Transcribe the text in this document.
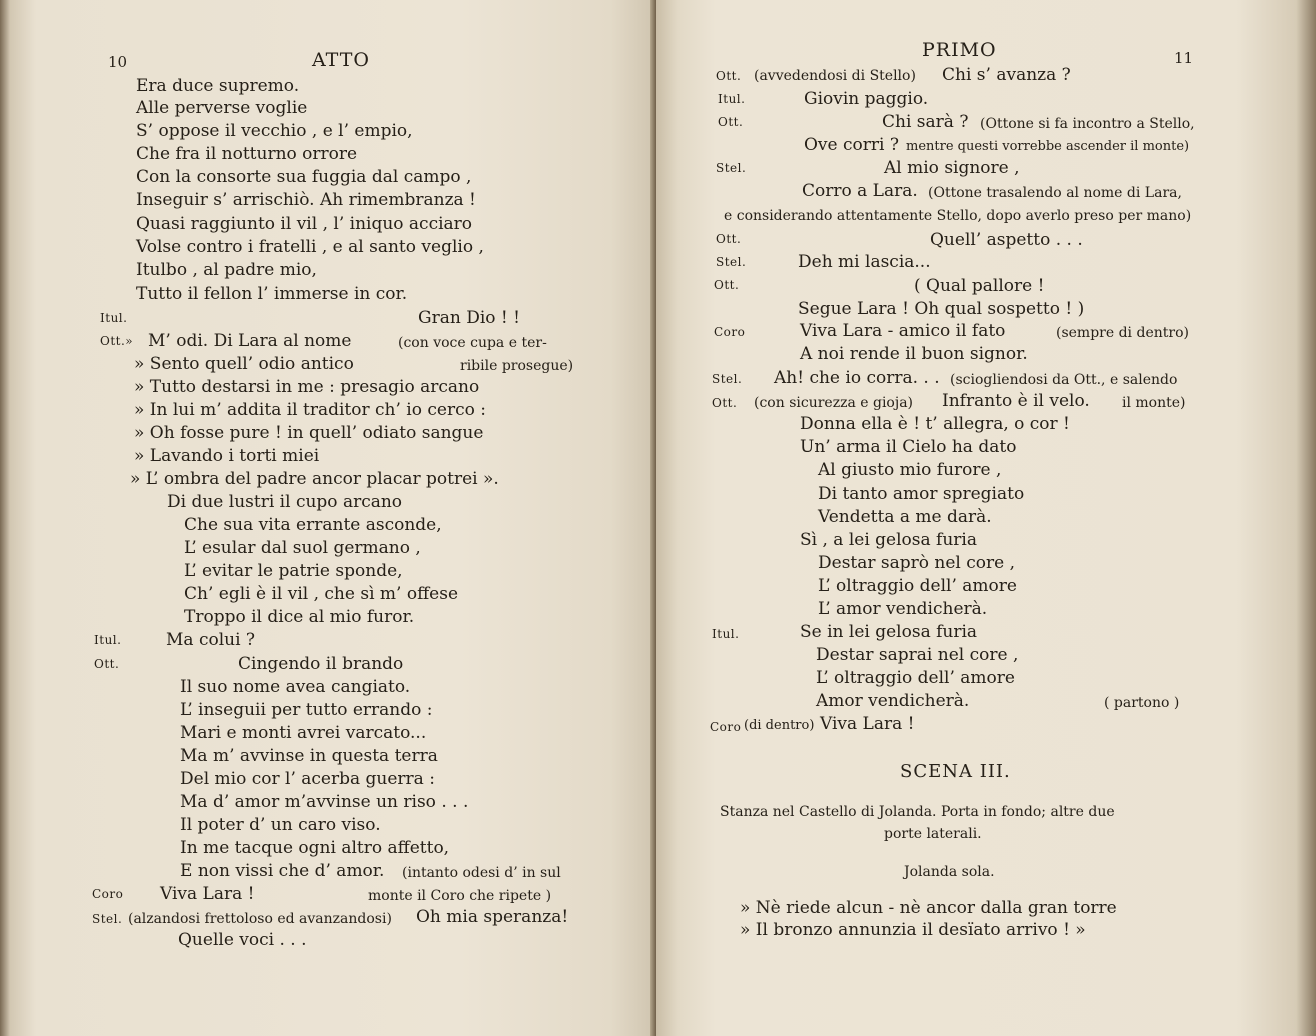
10	ATTO
Era duce supremo.
Alle perverse voglie
S’ oppose il vecchio , e l’ empio,
Che fra il notturno orrore
Con la consorte sua fuggia dal campo ,
Inseguir s’ arrischiò. Ah rimembranza !
Quasi raggiunto il vil , l’ iniquo acciaro
Volse contro i fratelli , e al santo veglio ,
Itulbo , al padre mio,
Tutto il fellon l’ immerse in cor.
Itul.	Gran Dio ! !
Ott.» M’ odi. Di Lara al nome	(con voce cupa e ter-
» Sento quell’ odio antico	ribile prosegue)
» Tutto destarsi in me : presagio arcano
» In lui m’ addita il traditor ch’ io cerco :
» Oh fosse pure ! in quell’ odiato sangue
» Lavando i torti miei
» L’ ombra del padre ancor placar potrei ».
Di due lustri il cupo arcano
Che sua vita errante asconde,
L’ esular dal suol germano ,
L’ evitar le patrie sponde,
Ch’ egli è il vil , che sì m’ offese
Troppo il dice al mio furor.
Itul.	Ma colui ?
Ott.	Cingendo il brando
Il suo nome avea cangiato.
L’ inseguii per tutto errando :
Mari e monti avrei varcato...
Ma m’ avvinse in questa terra
Del mio cor l’ acerba guerra :
Ma d’ amor m’avvinse un riso . . .
Il poter d’ un caro viso.
In me tacque ogni altro affetto,
E non vissi che d’ amor. (intanto odesi d’ in sul
Coro Viva Lara !	monte il Coro che ripete )
Stel. (alzandosi frettoloso ed avanzandosi) Oh mia speranza!
Quelle voci . . .
PRIMO	11
Ott. (avvedendosi di Stello) Chi s’ avanza ?
Itul.	Giovin paggio.
Ott.	Chi sarà ? (Ottone si fa incontro a Stello,
Ove corri ? mentre questi vorrebbe ascender il monte)
Stel.	Al mio signore ,
Corro a Lara. (Ottone trasalendo al nome di Lara,
e considerando attentamente Stello, dopo averlo preso per mano)
Ott.	Quell’ aspetto . . .
Stel.	Deh mi lascia...
Ott.	( Qual pallore !
Segue Lara ! Oh qual sospetto ! )
Coro	Viva Lara - amico il fato	(sempre di dentro)
A noi rende il buon signor.
Stel. Ah! che io corra. . . (sciogliendosi da Ott., e salendo
Ott. (con sicurezza e gioja) Infranto è il velo. il monte)
Donna ella è ! t’ allegra, o cor !
Un’ arma il Cielo ha dato
Al giusto mio furore ,
Di tanto amor spregiato
Vendetta a me darà.
Sì , a lei gelosa furia
Destar saprò nel core ,
L’ oltraggio dell’ amore
L’ amor vendicherà.
Itul.	Se in lei gelosa furia
Destar saprai nel core ,
L’ oltraggio dell’ amore
Amor vendicherà.	( partono )
Coro (di dentro) Viva Lara !
SCENA III.
Stanza nel Castello di Jolanda. Porta in fondo; altre due
porte laterali.
Jolanda sola.
» Nè riede alcun - nè ancor dalla gran torre
» Il bronzo annunzia il desïato arrivo ! »
